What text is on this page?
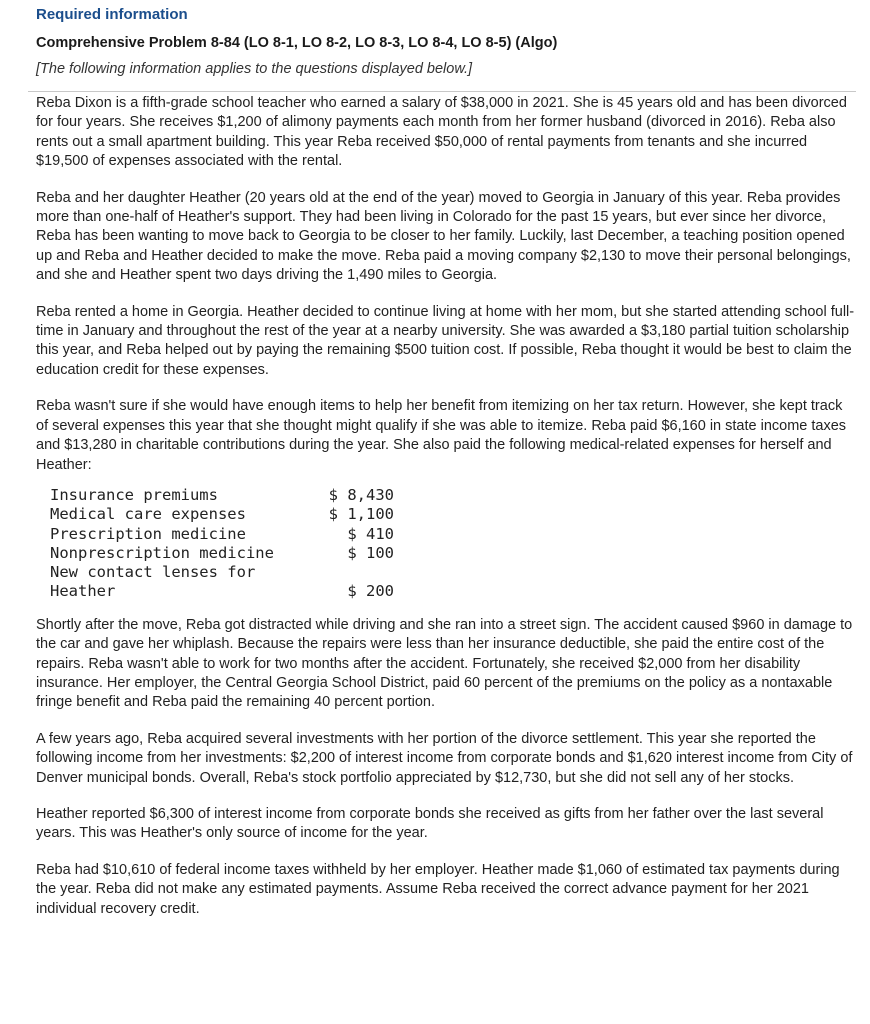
Required information
Comprehensive Problem 8-84 (LO 8-1, LO 8-2, LO 8-3, LO 8-4, LO 8-5) (Algo)
[The following information applies to the questions displayed below.]

Reba Dixon is a fifth-grade school teacher who earned a salary of $38,000 in 2021. She is 45 years old and has been divorced for four years. She receives $1,200 of alimony payments each month from her former husband (divorced in 2016). Reba also rents out a small apartment building. This year Reba received $50,000 of rental payments from tenants and she incurred $19,500 of expenses associated with the rental.

Reba and her daughter Heather (20 years old at the end of the year) moved to Georgia in January of this year. Reba provides more than one-half of Heather's support. They had been living in Colorado for the past 15 years, but ever since her divorce, Reba has been wanting to move back to Georgia to be closer to her family. Luckily, last December, a teaching position opened up and Reba and Heather decided to make the move. Reba paid a moving company $2,130 to move their personal belongings, and she and Heather spent two days driving the 1,490 miles to Georgia.

Reba rented a home in Georgia. Heather decided to continue living at home with her mom, but she started attending school full-time in January and throughout the rest of the year at a nearby university. She was awarded a $3,180 partial tuition scholarship this year, and Reba helped out by paying the remaining $500 tuition cost. If possible, Reba thought it would be best to claim the education credit for these expenses.

Reba wasn't sure if she would have enough items to help her benefit from itemizing on her tax return. However, she kept track of several expenses this year that she thought might qualify if she was able to itemize. Reba paid $6,160 in state income taxes and $13,280 in charitable contributions during the year. She also paid the following medical-related expenses for herself and Heather:

Insurance premiums	$ 8,430
Medical care expenses	$ 1,100
Prescription medicine	$ 410
Nonprescription medicine	$ 100
New contact lenses for
Heather	$ 200

Shortly after the move, Reba got distracted while driving and she ran into a street sign. The accident caused $960 in damage to the car and gave her whiplash. Because the repairs were less than her insurance deductible, she paid the entire cost of the repairs. Reba wasn't able to work for two months after the accident. Fortunately, she received $2,000 from her disability insurance. Her employer, the Central Georgia School District, paid 60 percent of the premiums on the policy as a nontaxable fringe benefit and Reba paid the remaining 40 percent portion.

A few years ago, Reba acquired several investments with her portion of the divorce settlement. This year she reported the following income from her investments: $2,200 of interest income from corporate bonds and $1,620 interest income from City of Denver municipal bonds. Overall, Reba's stock portfolio appreciated by $12,730, but she did not sell any of her stocks.

Heather reported $6,300 of interest income from corporate bonds she received as gifts from her father over the last several years. This was Heather's only source of income for the year.

Reba had $10,610 of federal income taxes withheld by her employer. Heather made $1,060 of estimated tax payments during the year. Reba did not make any estimated payments. Assume Reba received the correct advance payment for her 2021 individual recovery credit.
